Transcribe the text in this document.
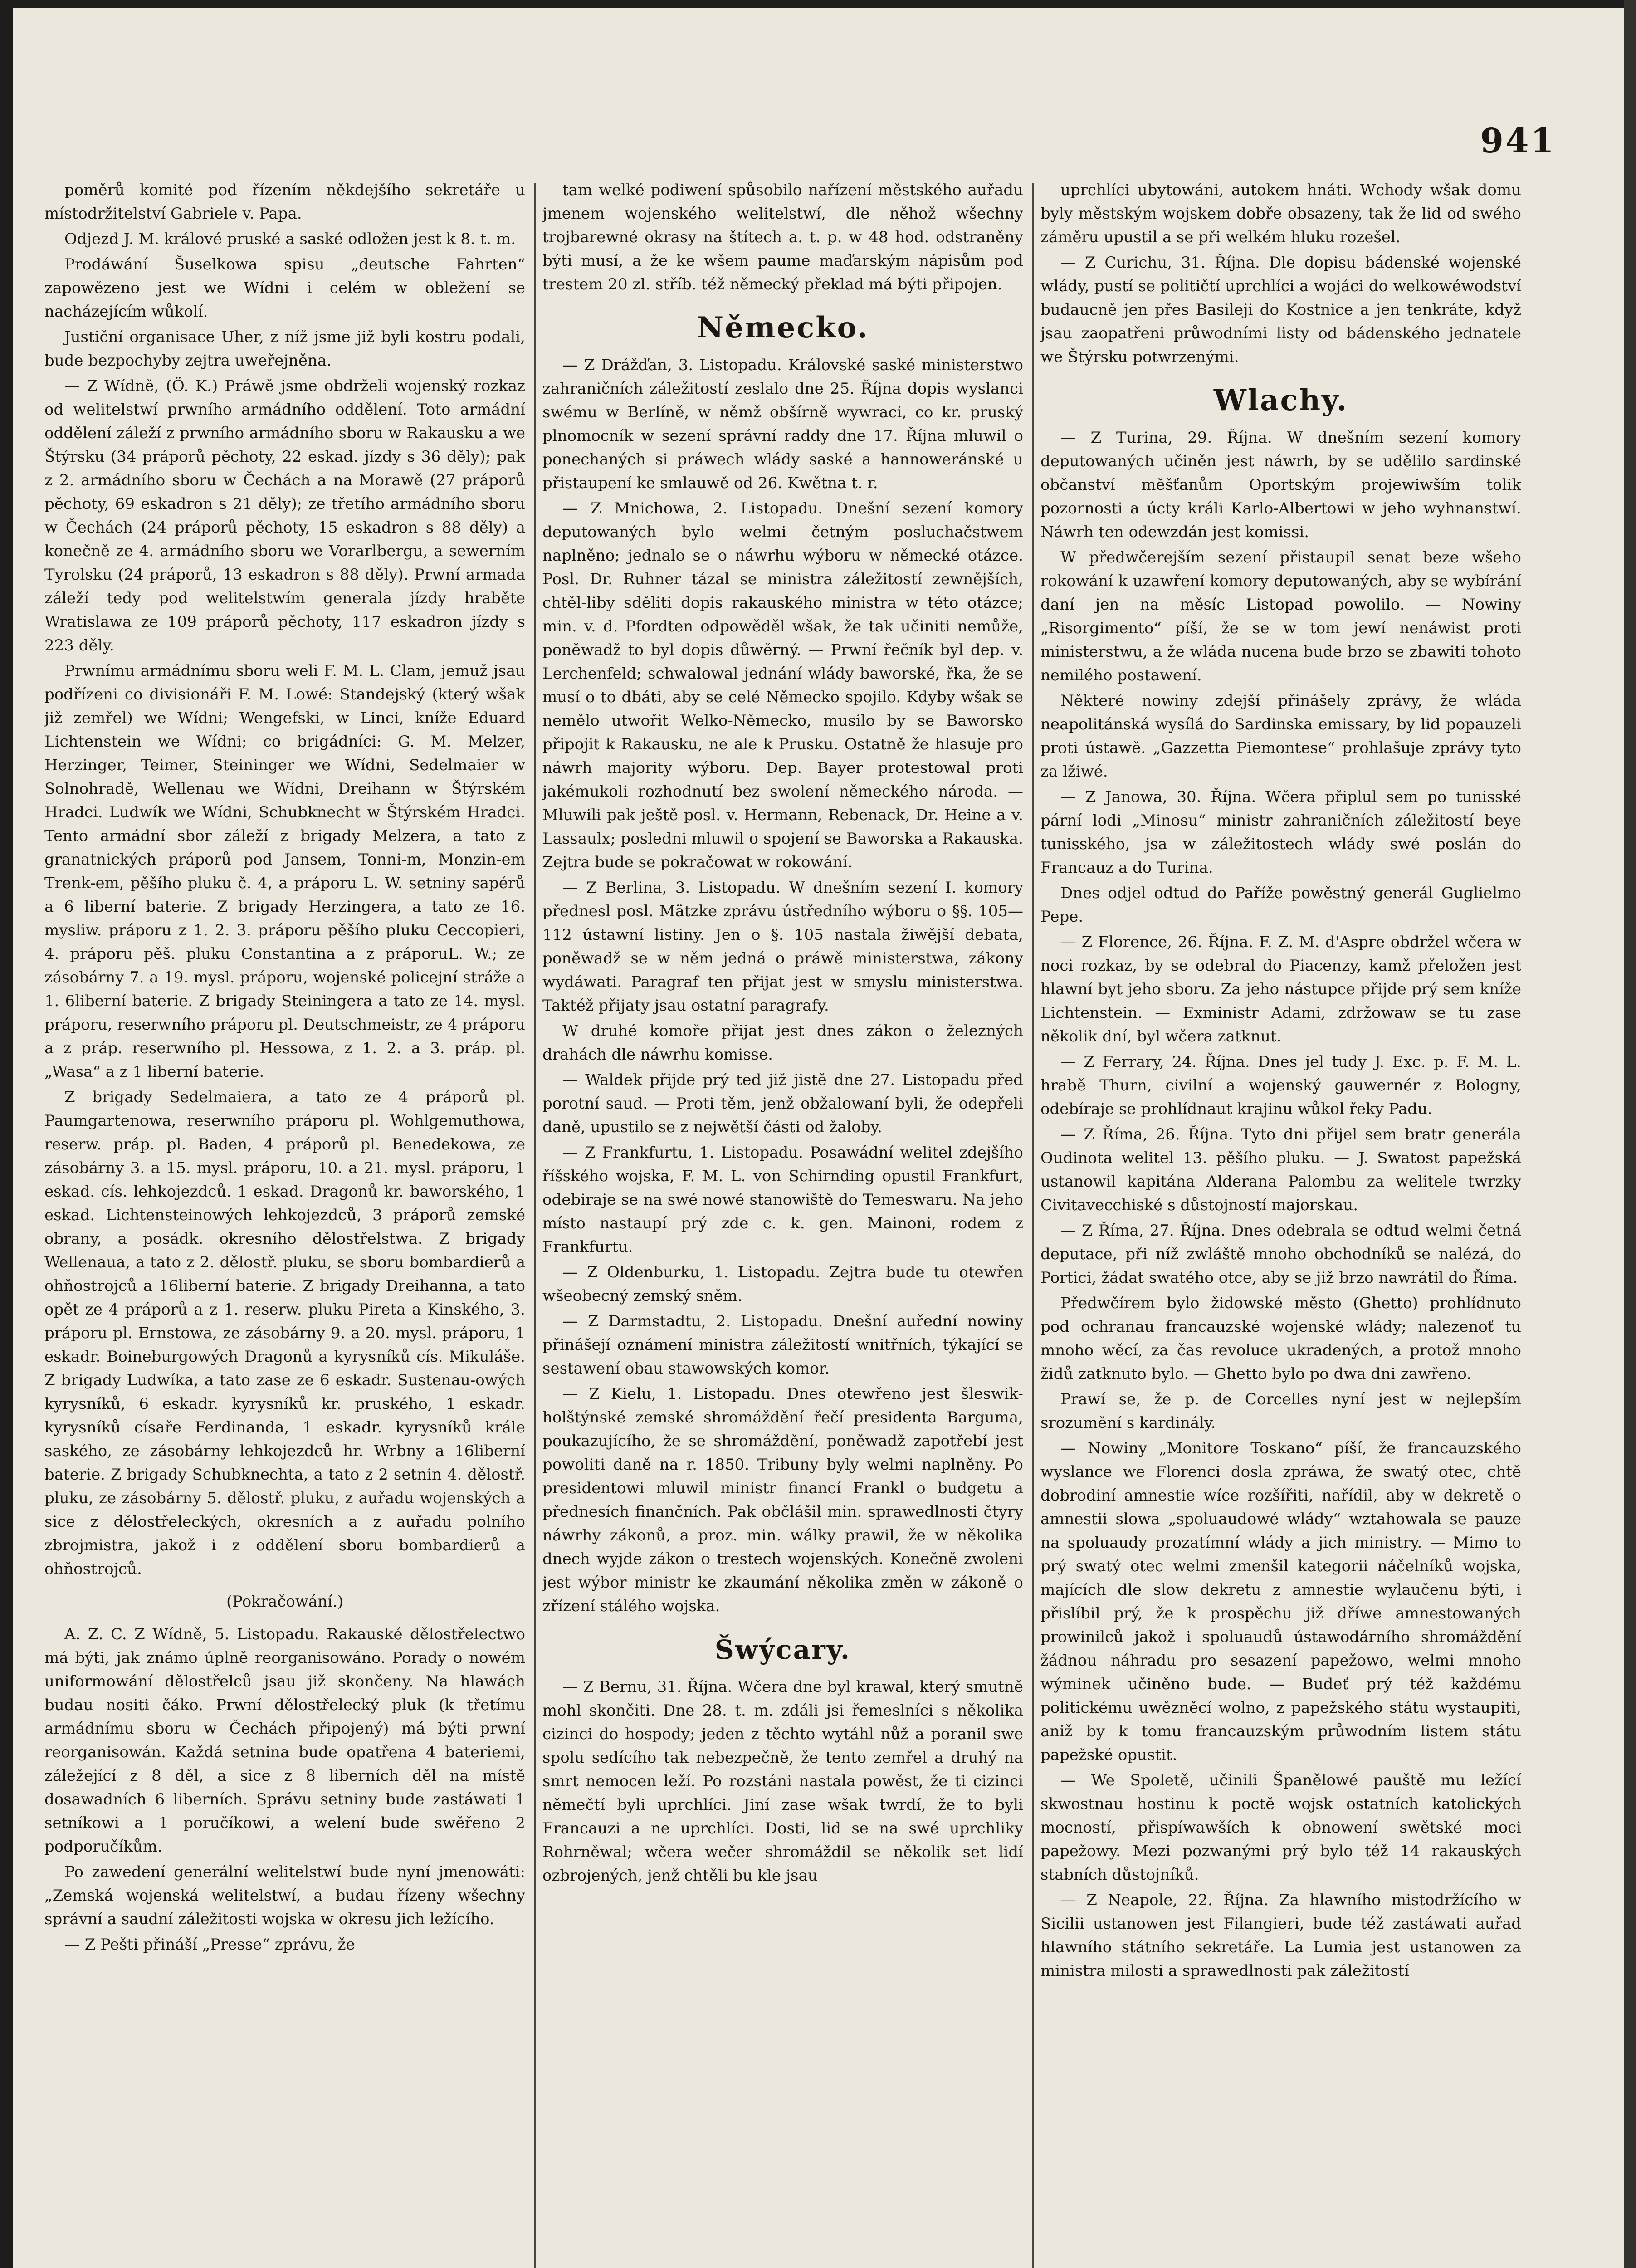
941

poměrů komité pod řízením někdejšího sekretáře u místodržitelství Gabriele v. Papa.

Odjezd J. M. králové pruské a saské odložen jest k 8. t. m.

Prodáwání Šuselkowa spisu „deutsche Fahrten“ zapowězeno jest we Wídni i celém w obležení se nacházejícím wůkolí.

Justiční organisace Uher, z níž jsme již byli kostru podali, bude bezpochyby zejtra uweřejněna.

— Z Wídně, (Ö. K.) Práwě jsme obdrželi wojenský rozkaz od welitelstwí prwního armádního oddělení. Toto armádní oddělení záleží z prwního armádního sboru w Rakausku a we Štýrsku (34 práporů pěchoty, 22 eskad. jízdy s 36 děly); pak z 2. armádního sboru w Čechách a na Morawě (27 práporů pěchoty, 69 eskadron s 21 děly); ze třetího armádního sboru w Čechách (24 práporů pěchoty, 15 eskadron s 88 děly) a konečně ze 4. armádního sboru we Vorarlbergu, a sewerním Tyrolsku (24 práporů, 13 eskadron s 88 děly). Prwní armada záleží tedy pod welitelstwím generala jízdy hraběte Wratislawa ze 109 práporů pěchoty, 117 eskadron jízdy s 223 děly.

Prwnímu armádnímu sboru weli F. M. L. Clam, jemuž jsau podřízeni co divisionáři F. M. Lowé: Standejský (který wšak již zemřel) we Wídni; Wengefski, w Linci, kníže Eduard Lichtenstein we Wídni; co brigádníci: G. M. Melzer, Herzinger, Teimer, Steininger we Wídni, Sedelmaier w Solnohradě, Wellenau we Wídni, Dreihann w Štýrském Hradci. Ludwík we Wídni, Schubknecht w Štýrském Hradci. Tento armádní sbor záleží z brigady Melzera, a tato z granatnických práporů pod Jansem, Tonni-m, Monzin-em Trenk-em, pěšího pluku č. 4, a práporu L. W. setniny sapérů a 6 liberní baterie. Z brigady Herzingera, a tato ze 16. mysliw. práporu z 1. 2. 3. práporu pěšího pluku Ceccopieri, 4. práporu pěš. pluku Constantina a z práporuL. W.; ze zásobárny 7. a 19. mysl. práporu, wojenské policejní stráže a 1. 6liberní baterie. Z brigady Steiningera a tato ze 14. mysl. práporu, reserwního práporu pl. Deutschmeistr, ze 4 práporu a z práp. reserwního pl. Hessowa, z 1. 2. a 3. práp. pl. „Wasa“ a z 1 liberní baterie.

Z brigady Sedelmaiera, a tato ze 4 práporů pl. Paumgartenowa, reserwního práporu pl. Wohlgemuthowa, reserw. práp. pl. Baden, 4 práporů pl. Benedekowa, ze zásobárny 3. a 15. mysl. práporu, 10. a 21. mysl. práporu, 1 eskad. cís. lehkojezdců. 1 eskad. Dragonů kr. baworského, 1 eskad. Lichtensteinowých lehkojezdců, 3 práporů zemské obrany, a posádk. okresního dělostřelstwa. Z brigady Wellenaua, a tato z 2. dělostř. pluku, se sboru bombardierů a ohňostrojců a 16liberní baterie. Z brigady Dreihanna, a tato opět ze 4 práporů a z 1. reserw. pluku Pireta a Kinského, 3. práporu pl. Ernstowa, ze zásobárny 9. a 20. mysl. práporu, 1 eskadr. Boineburgowých Dragonů a kyrysníků cís. Mikuláše. Z brigady Ludwíka, a tato zase ze 6 eskadr. Sustenau-owých kyrysníků, 6 eskadr. kyrysníků kr. pruského, 1 eskadr. kyrysníků císaře Ferdinanda, 1 eskadr. kyrysníků krále saského, ze zásobárny lehkojezdců hr. Wrbny a 16liberní baterie. Z brigady Schubknechta, a tato z 2 setnin 4. dělostř. pluku, ze zásobárny 5. dělostř. pluku, z auřadu wojenských a sice z dělostřeleckých, okresních a z auřadu polního zbrojmistra, jakož i z oddělení sboru bombardierů a ohňostrojců.

(Pokračowání.)

A. Z. C. Z Wídně, 5. Listopadu. Rakauské dělostřelectwo má býti, jak známo úplně reorganisowáno. Porady o nowém uniformowání dělostřelců jsau již skončeny. Na hlawách budau nositi čáko. Prwní dělostřelecký pluk (k třetímu armádnímu sboru w Čechách připojený) má býti prwní reorganisowán. Každá setnina bude opatřena 4 bateriemi, záležející z 8 děl, a sice z 8 liberních děl na místě dosawadních 6 liberních. Správu setniny bude zastáwati 1 setníkowi a 1 poručíkowi, a welení bude swěřeno 2 podporučíkům.

Po zawedení generální welitelstwí bude nyní jmenowáti: „Zemská wojenská welitelstwí, a budau řízeny wšechny správní a saudní záležitosti wojska w okresu jich ležícího.

— Z Pešti přináší „Presse“ zprávu, že

tam welké podiwení spůsobilo nařízení městského auřadu jmenem wojenského welitelstwí, dle něhož wšechny trojbarewné okrasy na štítech a. t. p. w 48 hod. odstraněny býti musí, a že ke wšem paume maďarským nápisům pod trestem 20 zl. stříb. též německý překlad má býti připojen.

Německo.

— Z Drážďan, 3. Listopadu. Královské saské ministerstwo zahraničních záležitostí zeslalo dne 25. Října dopis wyslanci swému w Berlíně, w němž obšírně wywraci, co kr. pruský plnomocník w sezení správní raddy dne 17. Října mluwil o ponechaných si práwech wlády saské a hannoweránské u přistaupení ke smlauwě od 26. Kwětna t. r.

— Z Mnichowa, 2. Listopadu. Dnešní sezení komory deputowaných bylo welmi četným posluchačstwem naplněno; jednalo se o náwrhu wýboru w německé otázce. Posl. Dr. Ruhner tázal se ministra záležitostí zewnějších, chtěl-liby sděliti dopis rakauského ministra w této otázce; min. v. d. Pfordten odpowěděl wšak, že tak učiniti nemůže, poněwadž to byl dopis důwěrný. — Prwní řečník byl dep. v. Lerchenfeld; schwalowal jednání wlády baworské, řka, že se musí o to dbáti, aby se celé Německo spojilo. Kdyby wšak se nemělo utwořit Welko-Německo, musilo by se Baworsko připojit k Rakausku, ne ale k Prusku. Ostatně že hlasuje pro náwrh majority wýboru. Dep. Bayer protestowal proti jakémukoli rozhodnutí bez swolení německého národa. — Mluwili pak ještě posl. v. Hermann, Rebenack, Dr. Heine a v. Lassaulx; posledni mluwil o spojení se Baworska a Rakauska. Zejtra bude se pokračowat w rokowání.

— Z Berlina, 3. Listopadu. W dnešním sezení I. komory přednesl posl. Mätzke zprávu ústředního wýboru o §§. 105—112 ústawní listiny. Jen o §. 105 nastala žiwější debata, poněwadž se w něm jedná o práwě ministerstwa, zákony wydáwati. Paragraf ten přijat jest w smyslu ministerstwa. Taktéž přijaty jsau ostatní paragrafy.

W druhé komoře přijat jest dnes zákon o železných drahách dle náwrhu komisse.

— Waldek přijde prý ted již jistě dne 27. Listopadu před porotní saud. — Proti těm, jenž obžalowaní byli, že odepřeli daně, upustilo se z nejwětší části od žaloby.

— Z Frankfurtu, 1. Listopadu. Posawádní welitel zdejšího říšského wojska, F. M. L. von Schirnding opustil Frankfurt, odebiraje se na swé nowé stanowiště do Temeswaru. Na jeho místo nastaupí prý zde c. k. gen. Mainoni, rodem z Frankfurtu.

— Z Oldenburku, 1. Listopadu. Zejtra bude tu otewřen wšeobecný zemský sněm.

— Z Darmstadtu, 2. Listopadu. Dnešní auřední nowiny přinášejí oznámení ministra záležitostí wnitřních, týkající se sestawení obau stawowských komor.

— Z Kielu, 1. Listopadu. Dnes otewřeno jest šleswik-holštýnské zemské shromáždění řečí presidenta Barguma, poukazujícího, že se shromáždění, poněwadž zapotřebí jest powoliti daně na r. 1850. Tribuny byly welmi naplněny. Po presidentowi mluwil ministr financí Frankl o budgetu a přednesích finančních. Pak občlášil min. sprawedlnosti čtyry náwrhy zákonů, a proz. min. wálky prawil, že w několika dnech wyjde zákon o trestech wojenských. Konečně zwoleni jest wýbor ministr ke zkaumání několika změn w zákoně o zřízení stálého wojska.

Šwýcary.

— Z Bernu, 31. Října. Wčera dne byl krawal, který smutně mohl skončiti. Dne 28. t. m. zdáli jsi řemeslníci s několika cizinci do hospody; jeden z těchto wytáhl nůž a poranil swe spolu sedícího tak nebezpečně, že tento zemřel a druhý na smrt nemocen leží. Po rozstáni nastala powěst, že ti cizinci němečtí byli uprchlíci. Jiní zase wšak twrdí, že to byli Francauzi a ne uprchlíci. Dosti, lid se na swé uprchliky Rohrněwal; wčera wečer shromáždil se několik set lidí ozbrojených, jenž chtěli bu kle jsau

uprchlíci ubytowáni, autokem hnáti. Wchody wšak domu byly městským wojskem dobře obsazeny, tak že lid od swého záměru upustil a se při welkém hluku rozešel.

— Z Curichu, 31. Října. Dle dopisu bádenské wojenské wlády, pustí se političtí uprchlíci a wojáci do welkowéwodství budaucně jen přes Basileji do Kostnice a jen tenkráte, když jsau zaopatřeni průwodními listy od bádenského jednatele we Štýrsku potwrzenými.

Wlachy.

— Z Turina, 29. Října. W dnešním sezení komory deputowaných učiněn jest náwrh, by se udělilo sardinské občanství měšťanům Oportským projewiwším tolik pozornosti a úcty králi Karlo-Albertowi w jeho wyhnanstwí. Náwrh ten odewzdán jest komissi.

W předwčerejším sezení přistaupil senat beze wšeho rokowání k uzawření komory deputowaných, aby se wybírání daní jen na měsíc Listopad powolilo. — Nowiny „Risorgimento“ píší, že se w tom jewí nenáwist proti ministerstwu, a že wláda nucena bude brzo se zbawiti tohoto nemilého postawení.

Některé nowiny zdejší přinášely zprávy, že wláda neapolitánská wysílá do Sardinska emissary, by lid popauzeli proti ústawě. „Gazzetta Piemontese“ prohlašuje zprávy tyto za lžiwé.

— Z Janowa, 30. Října. Wčera připlul sem po tunisské pární lodi „Minosu“ ministr zahraničních záležitostí beye tunisského, jsa w záležitostech wlády swé poslán do Francauz a do Turina.

Dnes odjel odtud do Paříže powěstný generál Guglielmo Pepe.

— Z Florence, 26. Října. F. Z. M. d'Aspre obdržel wčera w noci rozkaz, by se odebral do Piacenzy, kamž přeložen jest hlawní byt jeho sboru. Za jeho nástupce přijde prý sem kníže Lichtenstein. — Exministr Adami, zdržowaw se tu zase několik dní, byl wčera zatknut.

— Z Ferrary, 24. Října. Dnes jel tudy J. Exc. p. F. M. L. hrabě Thurn, civilní a wojenský gauwernér z Bologny, odebíraje se prohlídnaut krajinu wůkol řeky Padu.

— Z Říma, 26. Října. Tyto dni přijel sem bratr generála Oudinota welitel 13. pěšího pluku. — J. Swatost papežská ustanowil kapitána Alderana Palombu za welitele twrzky Civitavecchiské s důstojností majorskau.

— Z Říma, 27. Října. Dnes odebrala se odtud welmi četná deputace, při níž zwláště mnoho obchodníků se nalézá, do Portici, žádat swatého otce, aby se již brzo nawrátil do Říma.

Předwčírem bylo židowské město (Ghetto) prohlídnuto pod ochranau francauzské wojenské wlády; nalezenoť tu mnoho wěcí, za čas revoluce ukradených, a protož mnoho židů zatknuto bylo. — Ghetto bylo po dwa dni zawřeno.

Prawí se, že p. de Corcelles nyní jest w nejlepším srozumění s kardinály.

— Nowiny „Monitore Toskano“ píší, že francauzského wyslance we Florenci dosla zpráwa, že swatý otec, chtě dobrodiní amnestie wíce rozšířiti, nařídil, aby w dekretě o amnestii slowa „spoluaudowé wlády“ wztahowala se pauze na spoluaudy prozatímní wlády a jich ministry. — Mimo to prý swatý otec welmi zmenšil kategorii náčelníků wojska, majících dle slow dekretu z amnestie wylaučenu býti, i přislíbil prý, že k prospěchu již dříwe amnestowaných prowinilců jakož i spoluaudů ústawodárního shromáždění žádnou náhradu pro sesazení papežowo, welmi mnoho wýminek učiněno bude. — Budeť prý též každému politickému uwězněcí wolno, z papežského státu wystaupiti, aniž by k tomu francauzským průwodním listem státu papežské opustit.

— We Spoletě, učinili Španělowé pauště mu ležící skwostnau hostinu k poctě wojsk ostatních katolických mocností, přispíwawších k obnowení swětské moci papežowy. Mezi pozwanými prý bylo též 14 rakauských stabních důstojníků.

— Z Neapole, 22. Října. Za hlawního mistodržícího w Sicilii ustanowen jest Filangieri, bude též zastáwati auřad hlawního státního sekretáře. La Lumia jest ustanowen za ministra milosti a sprawedlnosti pak záležitostí
